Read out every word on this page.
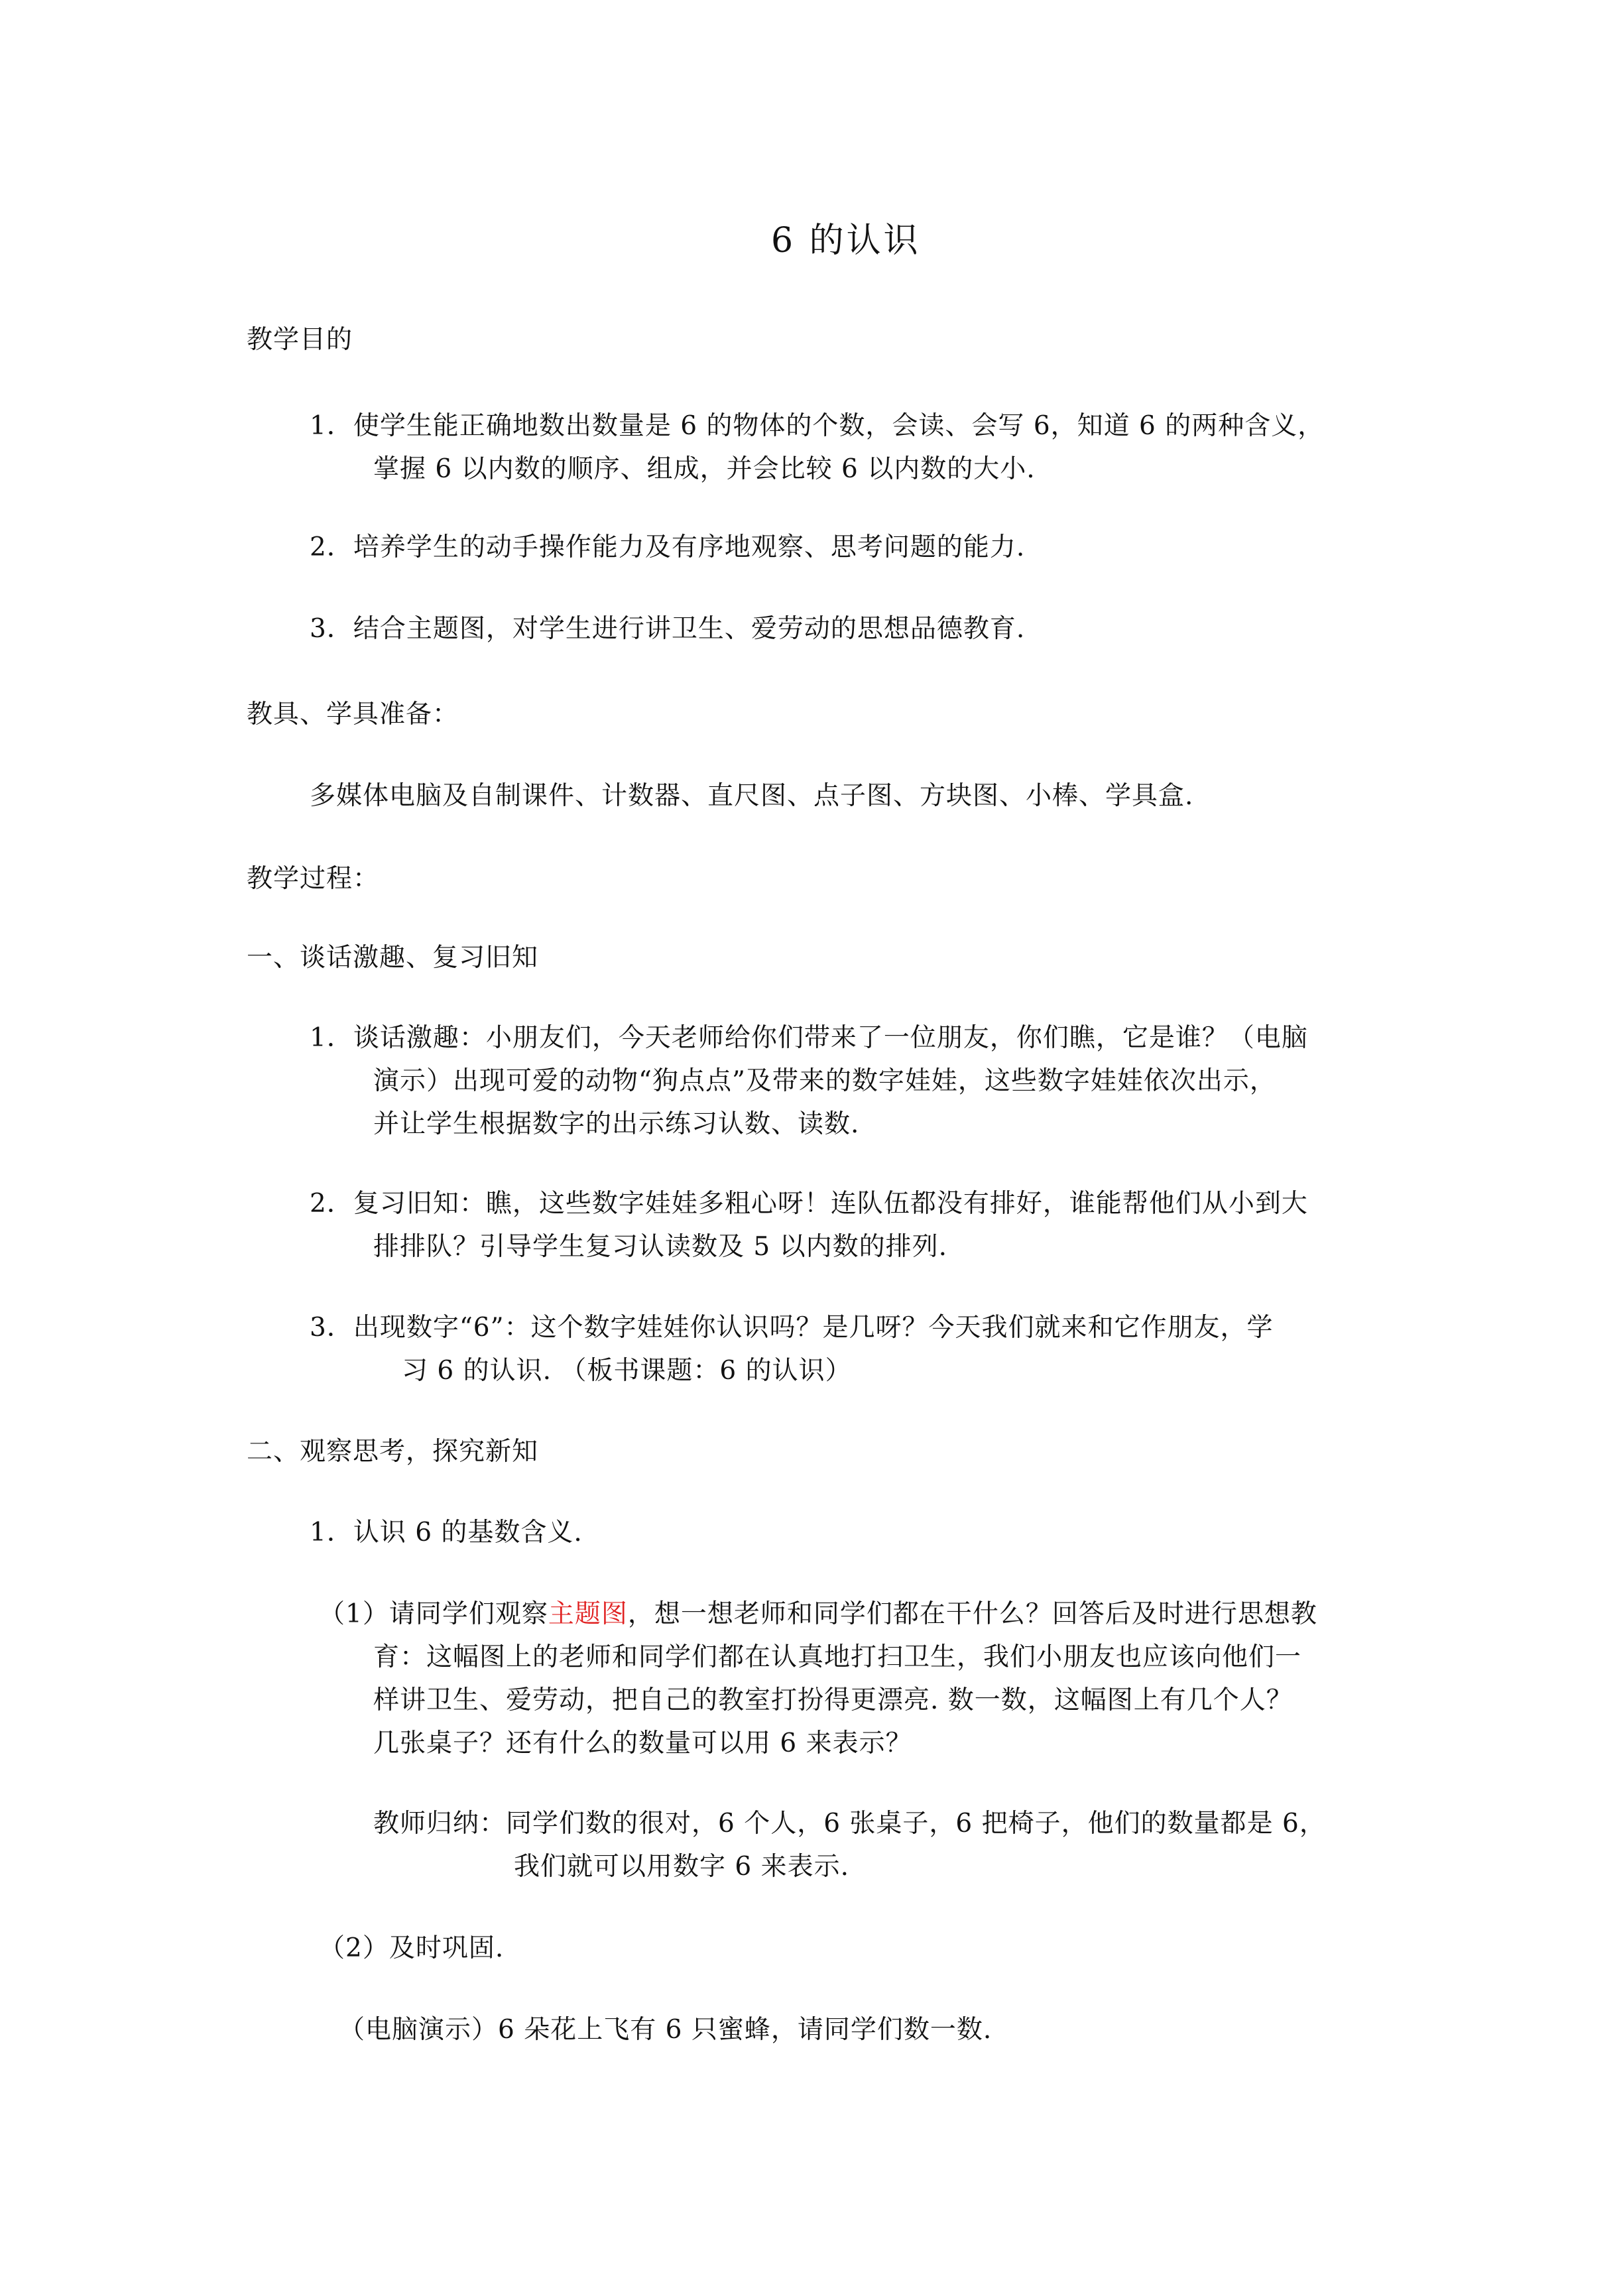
6 的认识
教学目的
1．使学生能正确地数出数量是 6 的物体的个数，会读、会写 6，知道 6 的两种含义，
掌握 6 以内数的顺序、组成，并会比较 6 以内数的大小.
2．培养学生的动手操作能力及有序地观察、思考问题的能力.
3．结合主题图，对学生进行讲卫生、爱劳动的思想品德教育.
教具、学具准备：
多媒体电脑及自制课件、计数器、直尺图、点子图、方块图、小棒、学具盒.
教学过程：
一、谈话激趣、复习旧知
1．谈话激趣：小朋友们，今天老师给你们带来了一位朋友，你们瞧，它是谁？（电脑
演示）出现可爱的动物“狗点点”及带来的数字娃娃，这些数字娃娃依次出示，
并让学生根据数字的出示练习认数、读数.
2．复习旧知：瞧，这些数字娃娃多粗心呀！连队伍都没有排好，谁能帮他们从小到大
排排队？引导学生复习认读数及 5 以内数的排列.
3．出现数字“6”：这个数字娃娃你认识吗？是几呀？今天我们就来和它作朋友，学
习 6 的认识. （板书课题：6 的认识）
二、观察思考，探究新知
1．认识 6 的基数含义.
（1）请同学们观察主题图，想一想老师和同学们都在干什么？回答后及时进行思想教
育：这幅图上的老师和同学们都在认真地打扫卫生，我们小朋友也应该向他们一
样讲卫生、爱劳动，把自己的教室打扮得更漂亮. 数一数，这幅图上有几个人？
几张桌子？还有什么的数量可以用 6 来表示？
教师归纳：同学们数的很对，6 个人，6 张桌子，6 把椅子，他们的数量都是 6，
我们就可以用数字 6 来表示.
（2）及时巩固.
（电脑演示）6 朵花上飞有 6 只蜜蜂，请同学们数一数.
